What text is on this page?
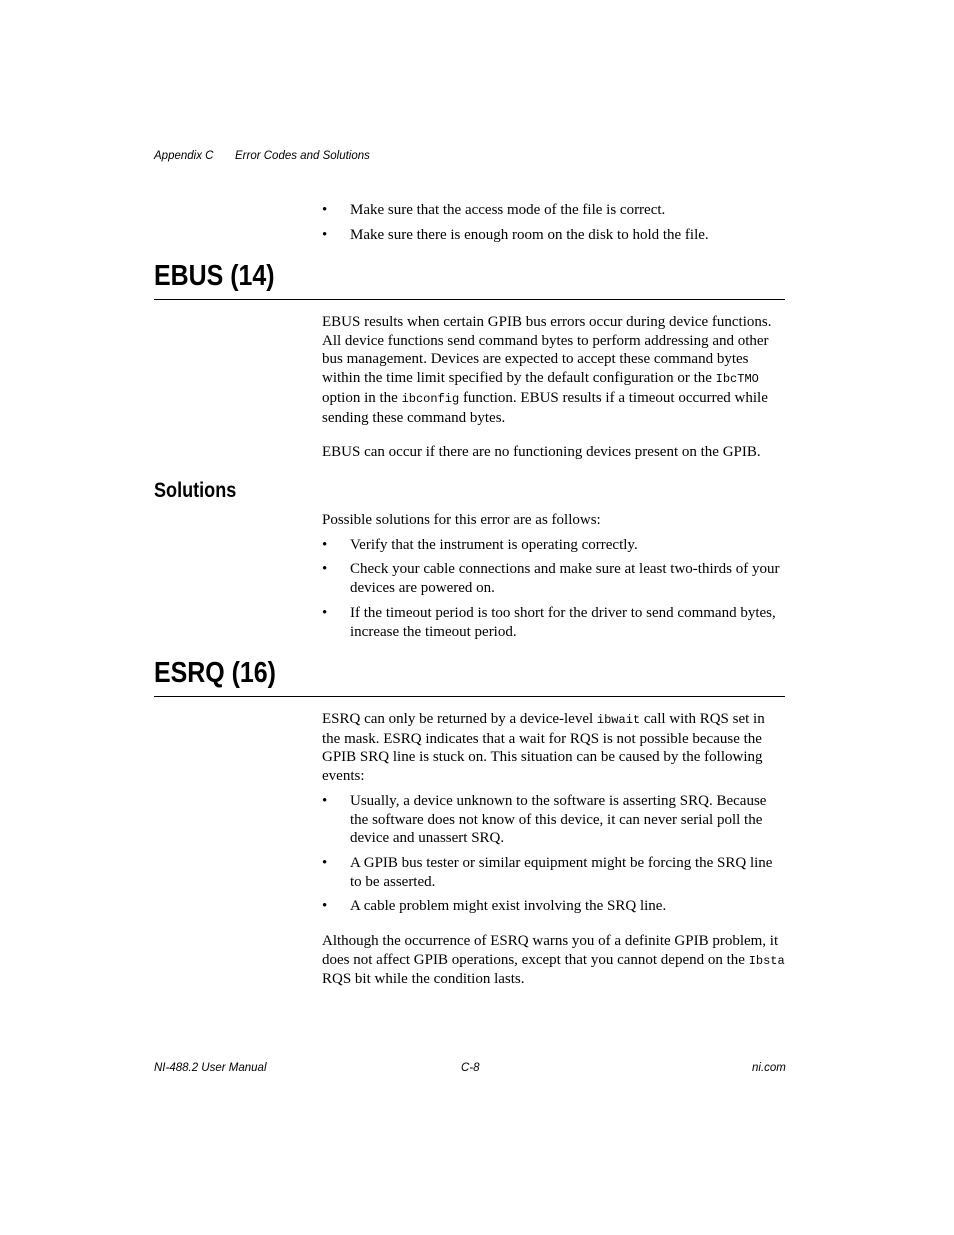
Appendix C Error Codes and Solutions
• Make sure that the access mode of the file is correct.
• Make sure there is enough room on the disk to hold the file.
EBUS (14)

EBUS results when certain GPIB bus errors occur during device functions. All device functions send command bytes to perform addressing and other bus management. Devices are expected to accept these command bytes within the time limit specified by the default configuration or the IbcTMO option in the ibconfig function. EBUS results if a timeout occurred while sending these command bytes.

EBUS can occur if there are no functioning devices present on the GPIB.

Solutions

Possible solutions for this error are as follows:

• Verify that the instrument is operating correctly.
• Check your cable connections and make sure at least two-thirds of your devices are powered on.
• If the timeout period is too short for the driver to send command bytes, increase the timeout period.
ESRQ (16)

ESRQ can only be returned by a device-level ibwait call with RQS set in the mask. ESRQ indicates that a wait for RQS is not possible because the GPIB SRQ line is stuck on. This situation can be caused by the following events:

• Usually, a device unknown to the software is asserting SRQ. Because the software does not know of this device, it can never serial poll the device and unassert SRQ.
• A GPIB bus tester or similar equipment might be forcing the SRQ line to be asserted.
• A cable problem might exist involving the SRQ line.

Although the occurrence of ESRQ warns you of a definite GPIB problem, it does not affect GPIB operations, except that you cannot depend on the Ibsta RQS bit while the condition lasts.

NI-488.2 User Manual	C-8	ni.com
